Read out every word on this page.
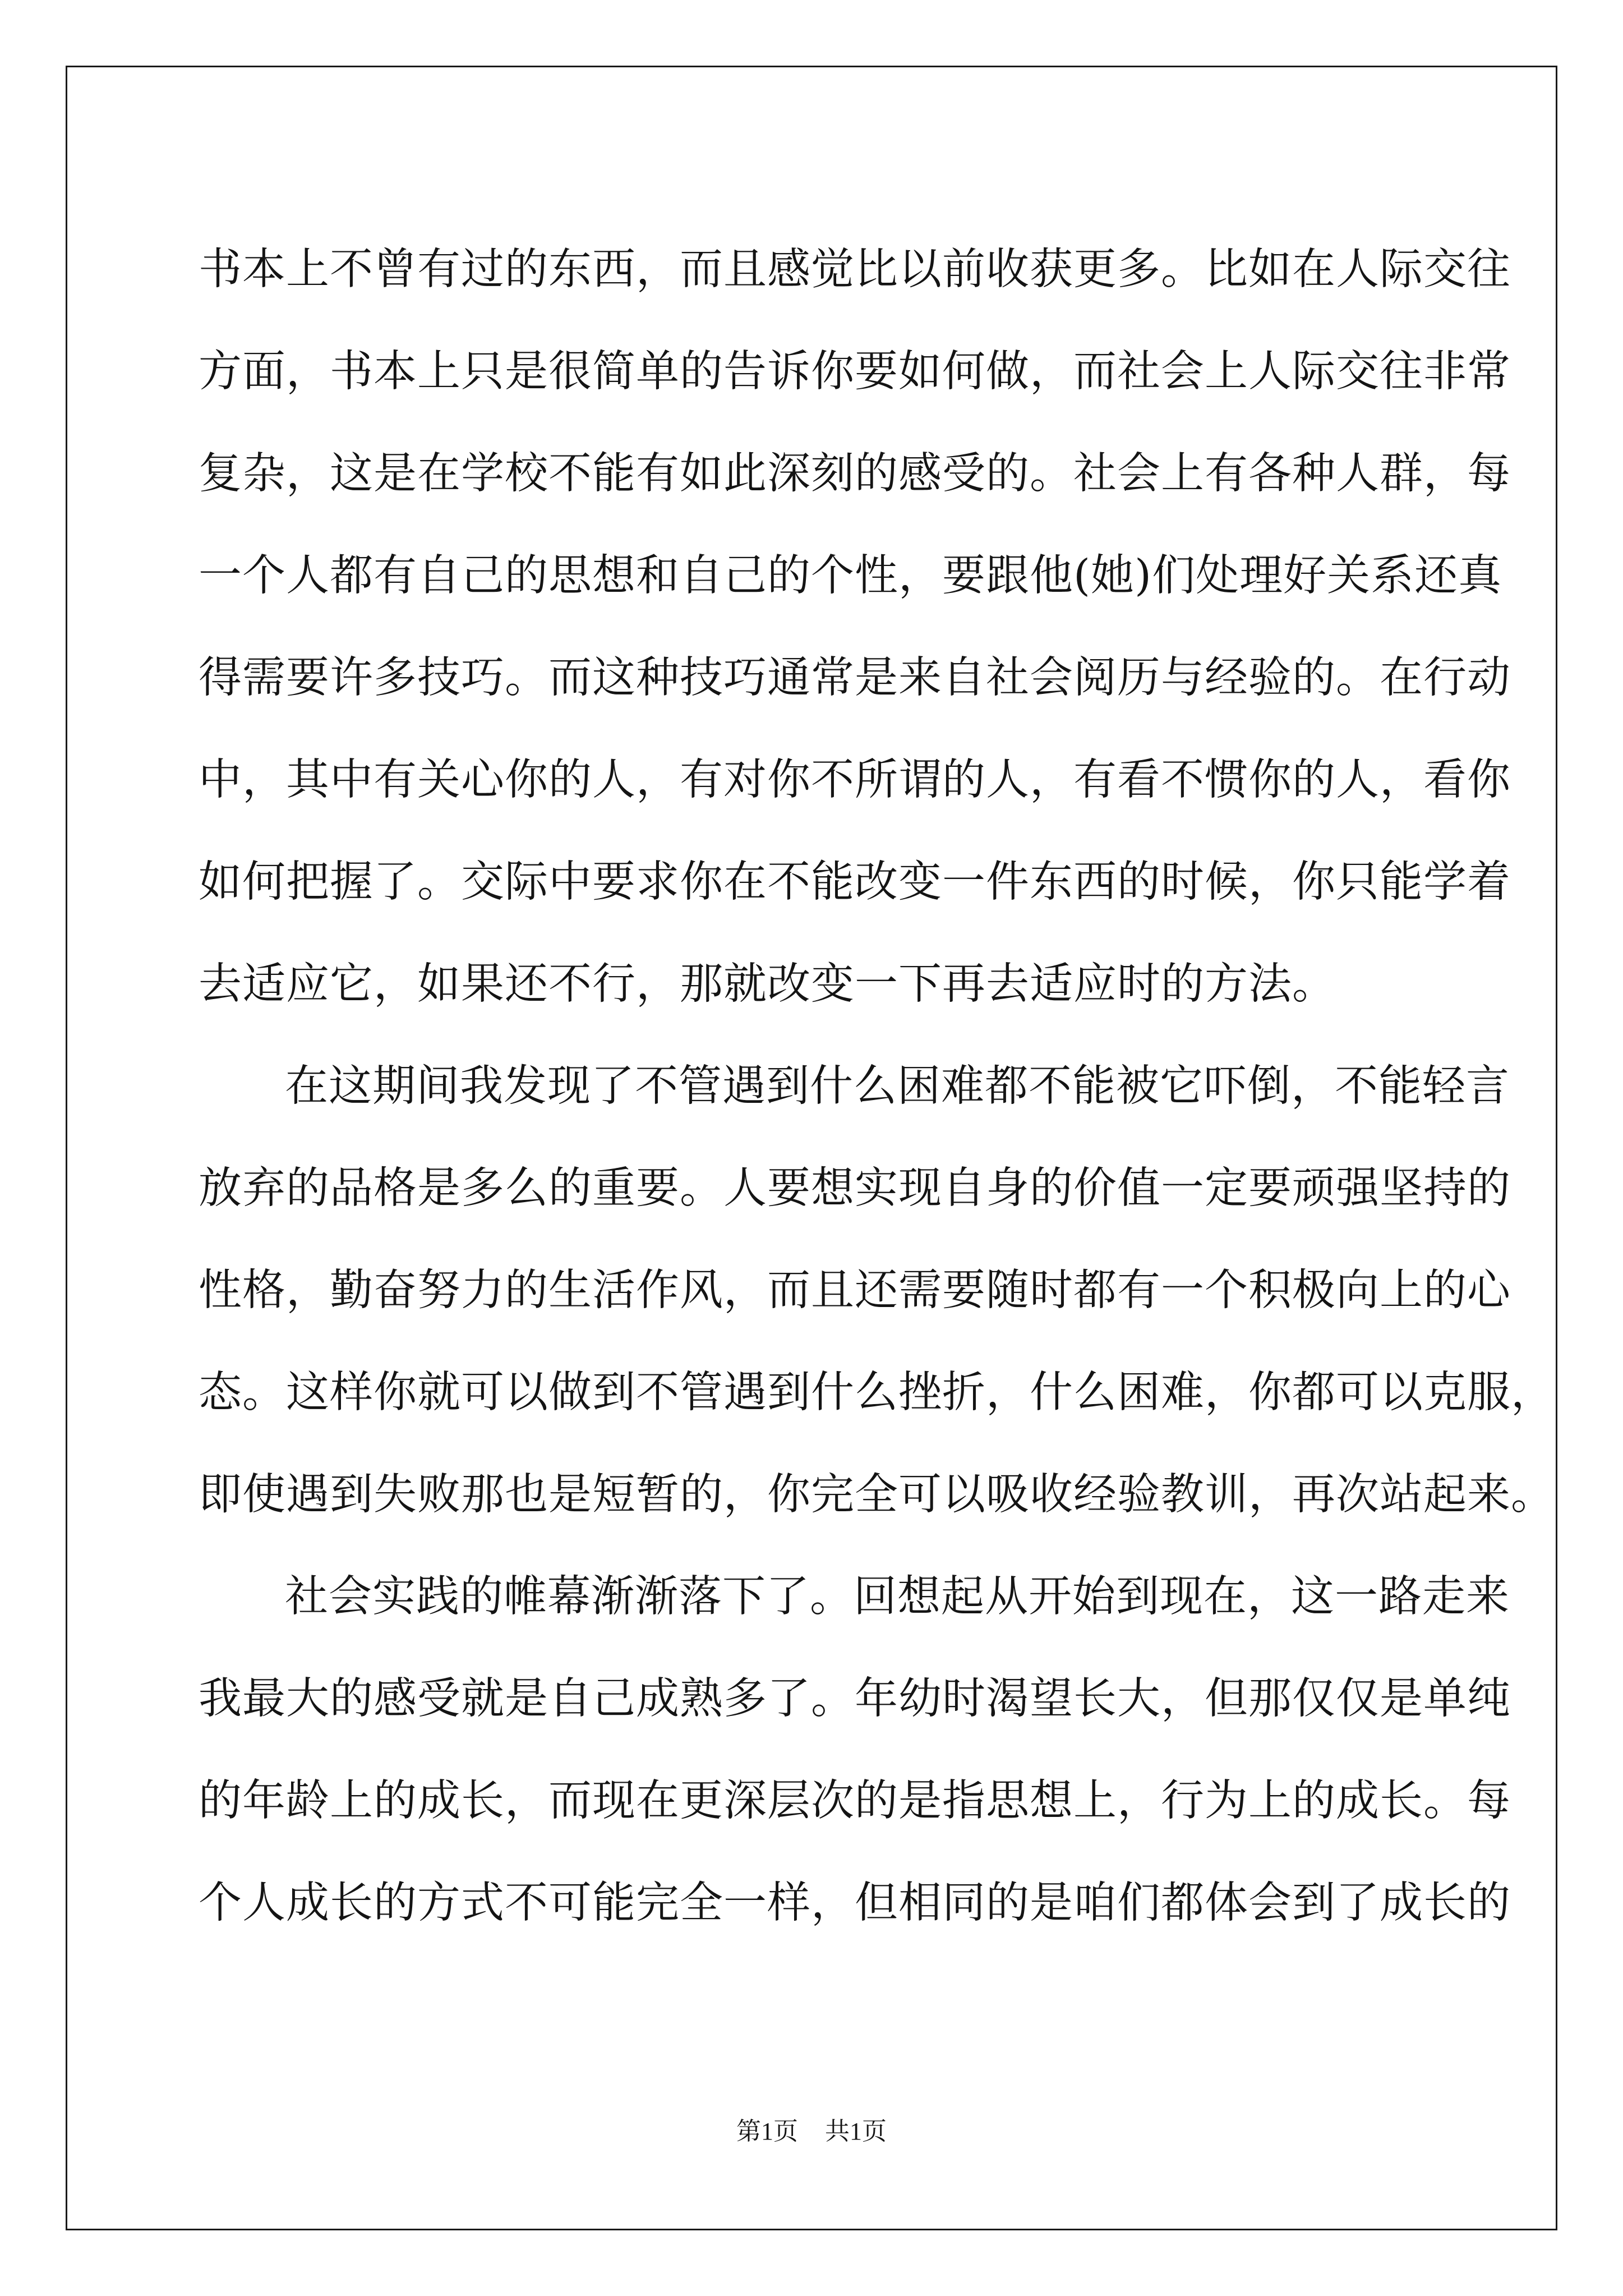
书本上不曾有过的东西，而且感觉比以前收获更多。比如在人际交往
方面，书本上只是很简单的告诉你要如何做，而社会上人际交往非常
复杂，这是在学校不能有如此深刻的感受的。社会上有各种人群，每
一个人都有自己的思想和自己的个性，要跟他(她)们处理好关系还真
得需要许多技巧。而这种技巧通常是来自社会阅历与经验的。在行动
中，其中有关心你的人，有对你不所谓的人，有看不惯你的人，看你
如何把握了。交际中要求你在不能改变一件东西的时候，你只能学着
去适应它，如果还不行，那就改变一下再去适应时的方法。
在这期间我发现了不管遇到什么困难都不能被它吓倒，不能轻言
放弃的品格是多么的重要。人要想实现自身的价值一定要顽强坚持的
性格，勤奋努力的生活作风，而且还需要随时都有一个积极向上的心
态。这样你就可以做到不管遇到什么挫折，什么困难，你都可以克服，
即使遇到失败那也是短暂的，你完全可以吸收经验教训，再次站起来。
社会实践的帷幕渐渐落下了。回想起从开始到现在，这一路走来
我最大的感受就是自己成熟多了。年幼时渴望长大，但那仅仅是单纯
的年龄上的成长，而现在更深层次的是指思想上，行为上的成长。每
个人成长的方式不可能完全一样，但相同的是咱们都体会到了成长的
第1页 共1页
